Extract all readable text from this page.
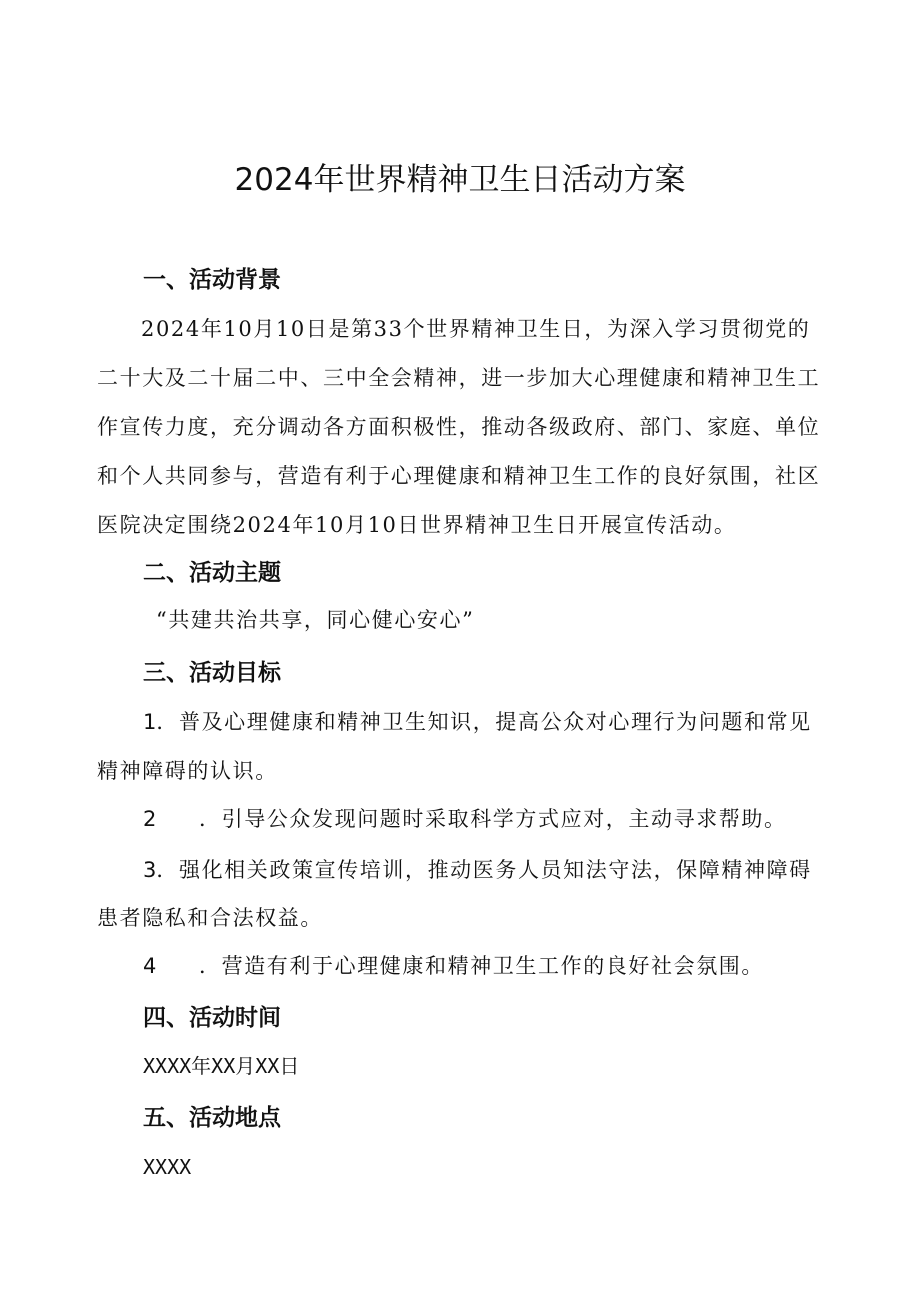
2024年世界精神卫生日活动方案
一、活动背景

2024年10月10日是第33个世界精神卫生日，为深入学习贯彻党的二十大及二十届二中、三中全会精神，进一步加大心理健康和精神卫生工作宣传力度，充分调动各方面积极性，推动各级政府、部门、家庭、单位和个人共同参与，营造有利于心理健康和精神卫生工作的良好氛围，社区医院决定围绕2024年10月10日世界精神卫生日开展宣传活动。

二、活动主题

“共建共治共享，同心健心安心”

三、活动目标

1．普及心理健康和精神卫生知识，提高公众对心理行为问题和常见

精神障碍的认识。

2 ．引导公众发现问题时采取科学方式应对，主动寻求帮助。

3．强化相关政策宣传培训，推动医务人员知法守法，保障精神障碍

患者隐私和合法权益。

4 ．营造有利于心理健康和精神卫生工作的良好社会氛围。

四、活动时间

XXXX年XX月XX日

五、活动地点

XXXX
